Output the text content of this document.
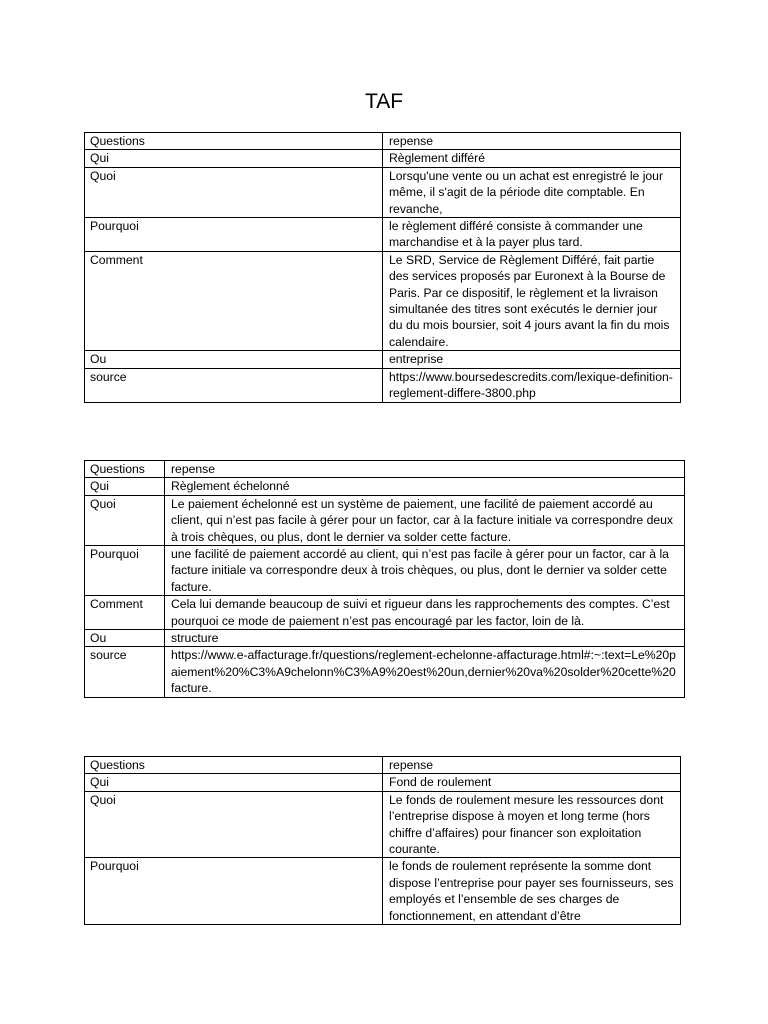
TAF
Questions	repense
Qui	Règlement différé
Quoi	Lorsqu'une vente ou un achat est enregistré le jour même, il s'agit de la période dite comptable. En revanche,
Pourquoi	le règlement différé consiste à commander une marchandise et à la payer plus tard.
Comment	Le SRD, Service de Règlement Différé, fait partie des services proposés par Euronext à la Bourse de Paris. Par ce dispositif, le règlement et la livraison simultanée des titres sont exécutés le dernier jour du du mois boursier, soit 4 jours avant la fin du mois calendaire.
Ou	entreprise
source	https://www.boursedescredits.com/lexique-definition-reglement-differe-3800.php
Questions	repense
Qui	Règlement échelonné
Quoi	Le paiement échelonné est un système de paiement, une facilité de paiement accordé au client, qui n’est pas facile à gérer pour un factor, car à la facture initiale va correspondre deux à trois chèques, ou plus, dont le dernier va solder cette facture.
Pourquoi	une facilité de paiement accordé au client, qui n’est pas facile à gérer pour un factor, car à la facture initiale va correspondre deux à trois chèques, ou plus, dont le dernier va solder cette facture.
Comment	Cela lui demande beaucoup de suivi et rigueur dans les rapprochements des comptes. C’est pourquoi ce mode de paiement n’est pas encouragé par les factor, loin de là.
Ou	structure
source	https://www.e-affacturage.fr/questions/reglement-echelonne-affacturage.html#:~:text=Le%20paiement%20%C3%A9chelonn%C3%A9%20est%20un,dernier%20va%20solder%20cette%20facture.
Questions	repense
Qui	Fond de roulement
Quoi	Le fonds de roulement mesure les ressources dont l’entreprise dispose à moyen et long terme (hors chiffre d’affaires) pour financer son exploitation courante.
Pourquoi	le fonds de roulement représente la somme dont dispose l’entreprise pour payer ses fournisseurs, ses employés et l’ensemble de ses charges de fonctionnement, en attendant d’être
